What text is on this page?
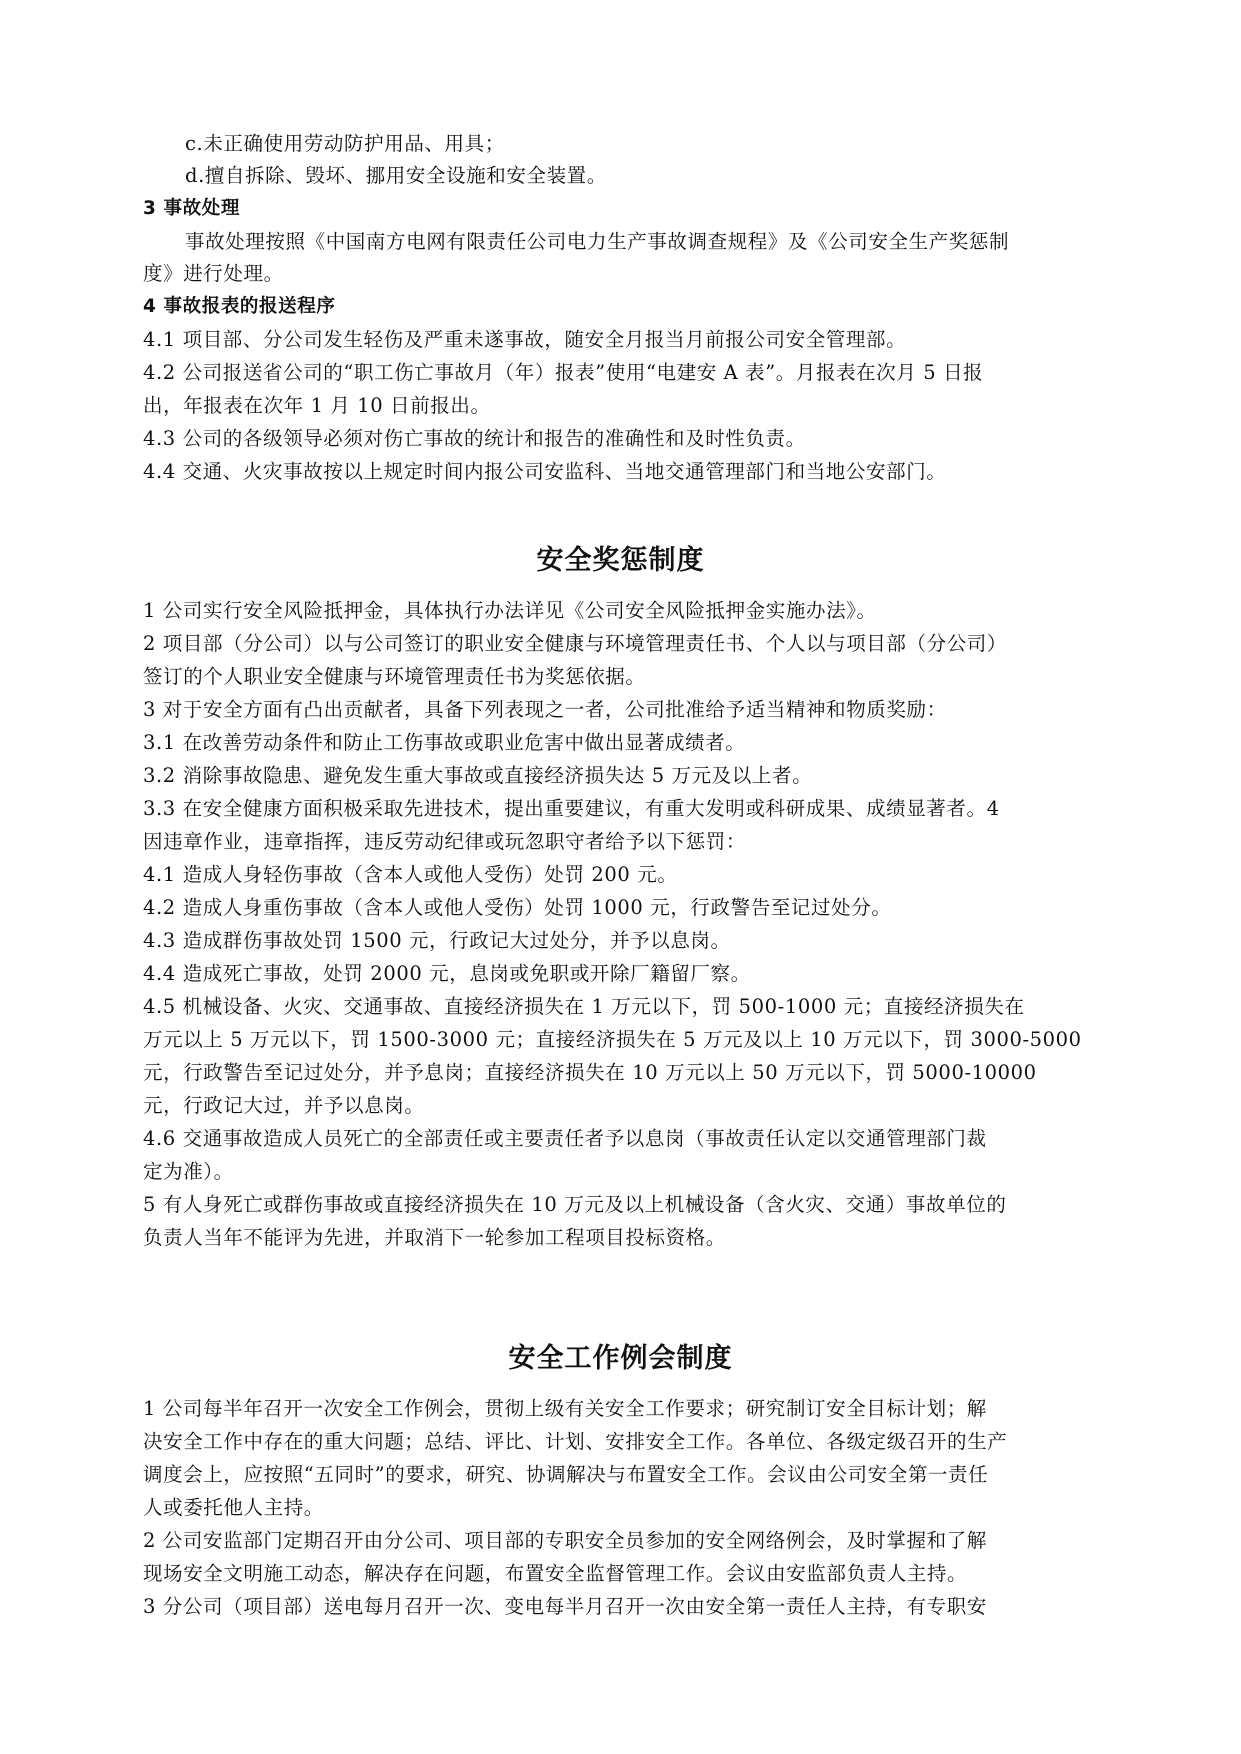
c.未正确使用劳动防护用品、用具；
d.擅自拆除、毁坏、挪用安全设施和安全装置。
3 事故处理
事故处理按照《中国南方电网有限责任公司电力生产事故调查规程》及《公司安全生产奖惩制
度》进行处理。
4 事故报表的报送程序
4.1 项目部、分公司发生轻伤及严重未遂事故，随安全月报当月前报公司安全管理部。
4.2 公司报送省公司的“职工伤亡事故月（年）报表”使用“电建安 A 表”。月报表在次月 5 日报
出，年报表在次年 1 月 10 日前报出。
4.3 公司的各级领导必须对伤亡事故的统计和报告的准确性和及时性负责。
4.4 交通、火灾事故按以上规定时间内报公司安监科、当地交通管理部门和当地公安部门。
安全奖惩制度
1 公司实行安全风险抵押金，具体执行办法详见《公司安全风险抵押金实施办法》。
2 项目部（分公司）以与公司签订的职业安全健康与环境管理责任书、个人以与项目部（分公司）
签订的个人职业安全健康与环境管理责任书为奖惩依据。
3 对于安全方面有凸出贡献者，具备下列表现之一者，公司批准给予适当精神和物质奖励：
3.1 在改善劳动条件和防止工伤事故或职业危害中做出显著成绩者。
3.2 消除事故隐患、避免发生重大事故或直接经济损失达 5 万元及以上者。
3.3 在安全健康方面积极采取先进技术，提出重要建议，有重大发明或科研成果、成绩显著者。4
因违章作业，违章指挥，违反劳动纪律或玩忽职守者给予以下惩罚：
4.1 造成人身轻伤事故（含本人或他人受伤）处罚 200 元。
4.2 造成人身重伤事故（含本人或他人受伤）处罚 1000 元，行政警告至记过处分。
4.3 造成群伤事故处罚 1500 元，行政记大过处分，并予以息岗。
4.4 造成死亡事故，处罚 2000 元，息岗或免职或开除厂籍留厂察。
4.5 机械设备、火灾、交通事故、直接经济损失在 1 万元以下，罚 500-1000 元；直接经济损失在
万元以上 5 万元以下，罚 1500-3000 元；直接经济损失在 5 万元及以上 10 万元以下，罚 3000-5000
元，行政警告至记过处分，并予息岗；直接经济损失在 10 万元以上 50 万元以下，罚 5000-10000
元，行政记大过，并予以息岗。
4.6 交通事故造成人员死亡的全部责任或主要责任者予以息岗（事故责任认定以交通管理部门裁
定为准）。
5 有人身死亡或群伤事故或直接经济损失在 10 万元及以上机械设备（含火灾、交通）事故单位的
负责人当年不能评为先进，并取消下一轮参加工程项目投标资格。
安全工作例会制度
1 公司每半年召开一次安全工作例会，贯彻上级有关安全工作要求；研究制订安全目标计划；解
决安全工作中存在的重大问题；总结、评比、计划、安排安全工作。各单位、各级定级召开的生产
调度会上，应按照“五同时”的要求，研究、协调解决与布置安全工作。会议由公司安全第一责任
人或委托他人主持。
2 公司安监部门定期召开由分公司、项目部的专职安全员参加的安全网络例会，及时掌握和了解
现场安全文明施工动态，解决存在问题，布置安全监督管理工作。会议由安监部负责人主持。
3 分公司（项目部）送电每月召开一次、变电每半月召开一次由安全第一责任人主持，有专职安
